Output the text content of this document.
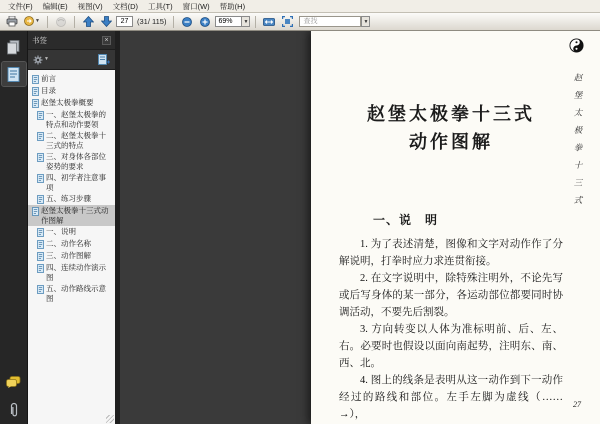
文件(F)	编辑(E)	视图(V)	文档(D)	工具(T)	窗口(W)	帮助(H)
▼
27	(31/ 115)
69%	▼
查找	▼
书签	×
▼
前言
目录
赵堡太极拳概要
一、赵堡太极拳的特点和动作要领
二、赵堡太极拳十三式的特点
三、对身体各部位姿势的要求
四、初学者注意事项
五、练习步骤
赵堡太极拳十三式动作图解
一、说明
二、动作名称
三、动作图解
四、连续动作演示图
五、动作路线示意图
赵堡太极拳十三式
赵堡太极拳十三式
动作图解
一、说　明

1. 为了表述清楚，图像和文字对动作作了分解说明，打拳时应力求连贯衔接。

2. 在文字说明中，除特殊注明外，不论先写或后写身体的某一部分，各运动部位都要同时协调活动，不要先后割裂。

3. 方向转变以人体为准标明前、后、左、右。必要时也假设以面向南起势，注明东、南、西、北。

4. 图上的线条是表明从这一动作到下一动作经过的路线和部位。左手左脚为虚线（……→），

27
